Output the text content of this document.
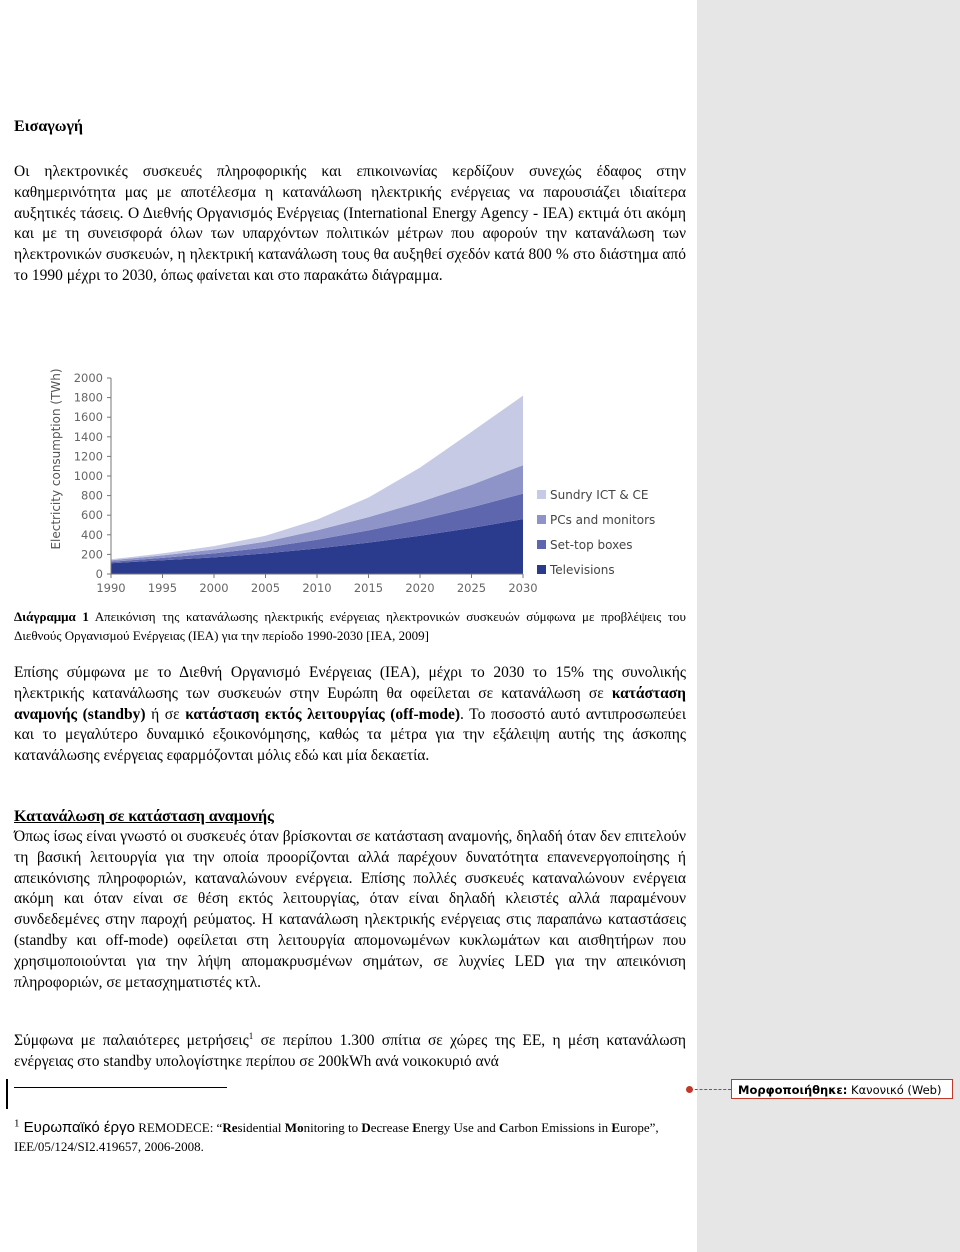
Εισαγωγή
Οι ηλεκτρονικές συσκευές πληροφορικής και επικοινωνίας κερδίζουν συνεχώς έδαφος στην καθημερινότητα μας με αποτέλεσμα η κατανάλωση ηλεκτρικής ενέργειας να παρουσιάζει ιδιαίτερα αυξητικές τάσεις. Ο Διεθνής Οργανισμός Ενέργειας (International Energy Agency - IEA) εκτιμά ότι ακόμη και με τη συνεισφορά όλων των υπαρχόντων πολιτικών μέτρων που αφορούν την κατανάλωση των ηλεκτρονικών συσκευών, η ηλεκτρική κατανάλωση τους θα αυξηθεί σχεδόν κατά 800 % στο διάστημα από το 1990 μέχρι το 2030, όπως φαίνεται και στο παρακάτω διάγραμμα.
1990 1995 2000 2005 2010 2015 2020 2025 2030
0
200
400
600
800
1000
1200
1400
1600
1800
2000
Electricity consumption (TWh)	Sundry ICT & CE
PCs and monitors
Set-top boxes
Televisions
Διάγραμμα 1 Απεικόνιση της κατανάλωσης ηλεκτρικής ενέργειας ηλεκτρονικών συσκευών σύμφωνα με προβλέψεις του Διεθνούς Οργανισμού Ενέργειας (IEA) για την περίοδο 1990-2030 [IEA, 2009]
Επίσης σύμφωνα με το Διεθνή Οργανισμό Ενέργειας (ΙΕΑ), μέχρι το 2030 το 15% της συνολικής ηλεκτρικής κατανάλωσης των συσκευών στην Ευρώπη θα οφείλεται σε κατανάλωση σε κατάσταση αναμονής (standby) ή σε κατάσταση εκτός λειτουργίας (off-mode). Το ποσοστό αυτό αντιπροσωπεύει και το μεγαλύτερο δυναμικό εξοικονόμησης, καθώς τα μέτρα για την εξάλειψη αυτής της άσκοπης κατανάλωσης ενέργειας εφαρμόζονται μόλις εδώ και μία δεκαετία.
Κατανάλωση σε κατάσταση αναμονής
Όπως ίσως είναι γνωστό οι συσκευές όταν βρίσκονται σε κατάσταση αναμονής, δηλαδή όταν δεν επιτελούν τη βασική λειτουργία για την οποία προορίζονται αλλά παρέχουν δυνατότητα επανενεργοποίησης ή απεικόνισης πληροφοριών, καταναλώνουν ενέργεια. Επίσης πολλές συσκευές καταναλώνουν ενέργεια ακόμη και όταν είναι σε θέση εκτός λειτουργίας, όταν είναι δηλαδή κλειστές αλλά παραμένουν συνδεδεμένες στην παροχή ρεύματος. Η κατανάλωση ηλεκτρικής ενέργειας στις παραπάνω καταστάσεις (standby και off-mode) οφείλεται στη λειτουργία απομονωμένων κυκλωμάτων και αισθητήρων που χρησιμοποιούνται για την λήψη απομακρυσμένων σημάτων, σε λυχνίες LED για την απεικόνιση πληροφοριών, σε μετασχηματιστές κτλ.
Σύμφωνα με παλαιότερες μετρήσεις$^1$ σε περίπου 1.300 σπίτια σε χώρες της ΕΕ, η μέση κατανάλωση ενέργειας στο standby υπολογίστηκε περίπου σε 200kWh ανά νοικοκυριό ανά
$^1$ Ευρωπαϊκό έργο REMODECE: “Residential Monitoring to Decrease Energy Use and Carbon Emissions in Europe”, IEE/05/124/SI2.419657, 2006-2008.
Μορφοποιήθηκε: Κανονικό (Web)
